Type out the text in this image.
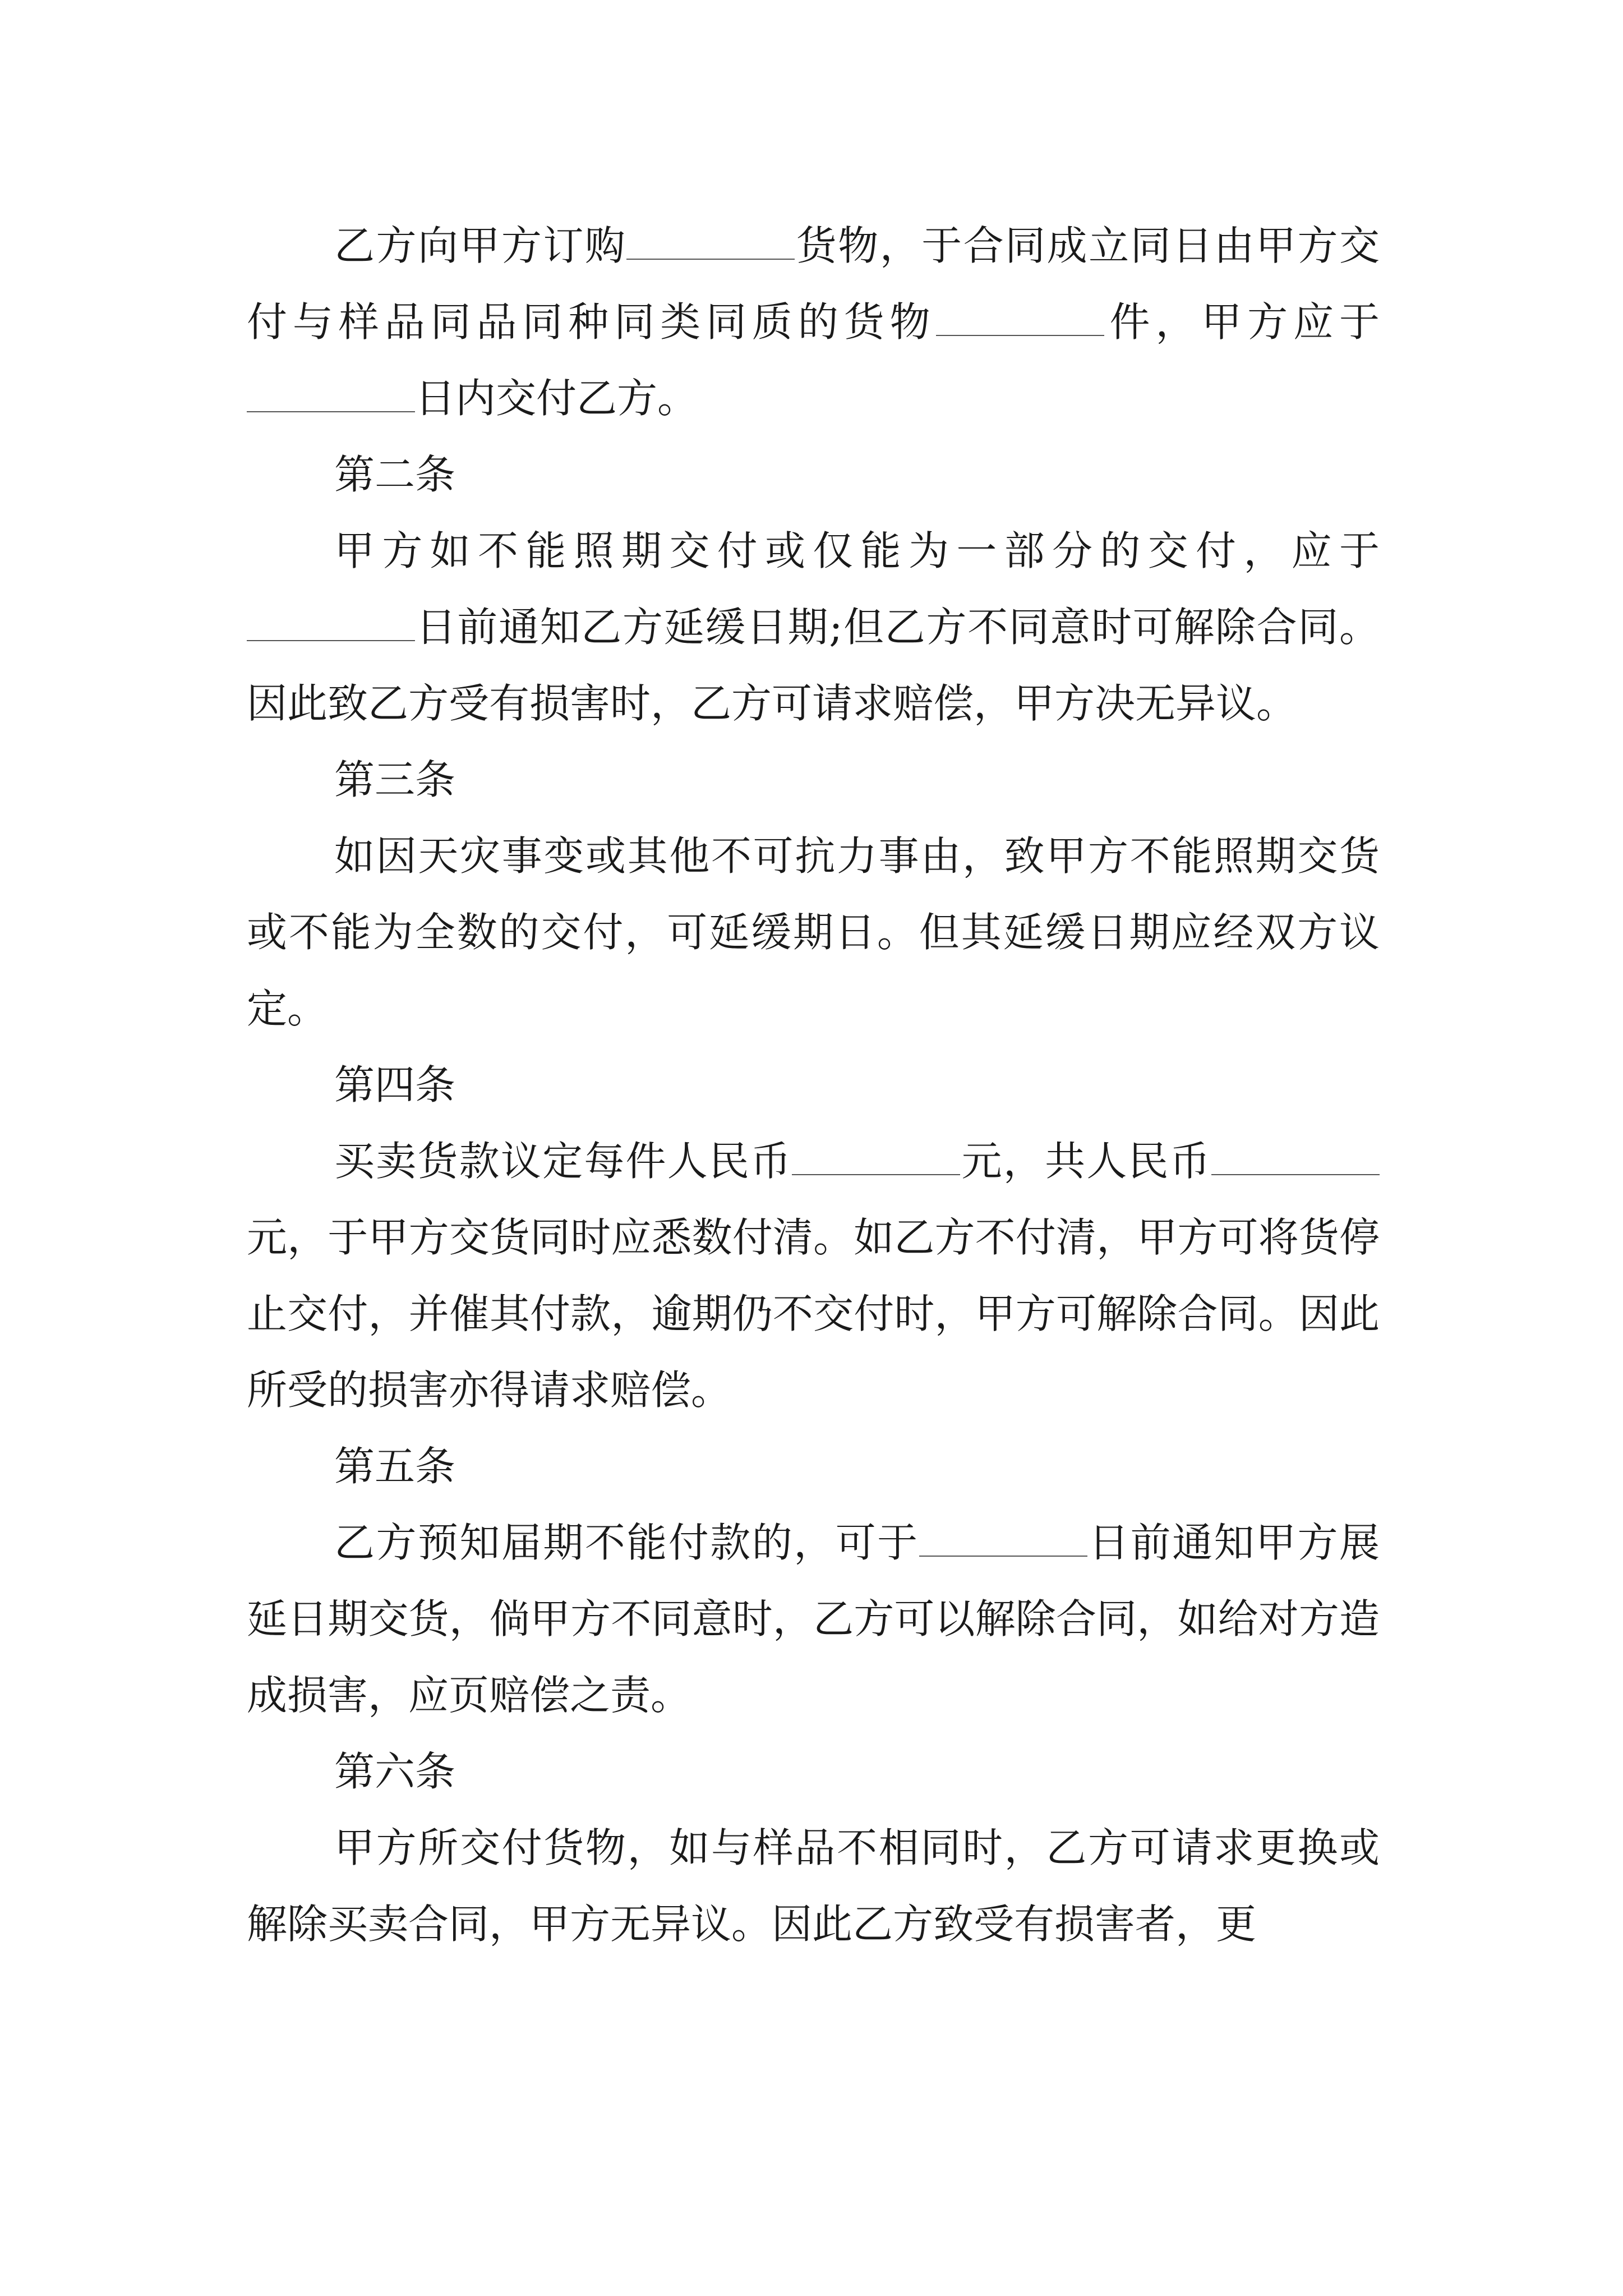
乙方向甲方订购	货物，于合同成立同日由甲方交付与样品同品同种同类同质的货物	件，甲方应于日内交付乙方。

第二条

甲方如不能照期交付或仅能为一部分的交付，应于日前通知乙方延缓日期;但乙方不同意时可解除合同。因此致乙方受有损害时，乙方可请求赔偿，甲方决无异议。

第三条

如因天灾事变或其他不可抗力事由，致甲方不能照期交货或不能为全数的交付，可延缓期日。但其延缓日期应经双方议定。

第四条

买卖货款议定每件人民币	元，共人民币元，于甲方交货同时应悉数付清。如乙方不付清，甲方可将货停止交付，并催其付款，逾期仍不交付时，甲方可解除合同。因此所受的损害亦得请求赔偿。

第五条

乙方预知届期不能付款的，可于	日前通知甲方展延日期交货，倘甲方不同意时，乙方可以解除合同，如给对方造成损害，应页赔偿之责。

第六条

甲方所交付货物，如与样品不相同时，乙方可请求更换或解除买卖合同，甲方无异议。因此乙方致受有损害者，更
